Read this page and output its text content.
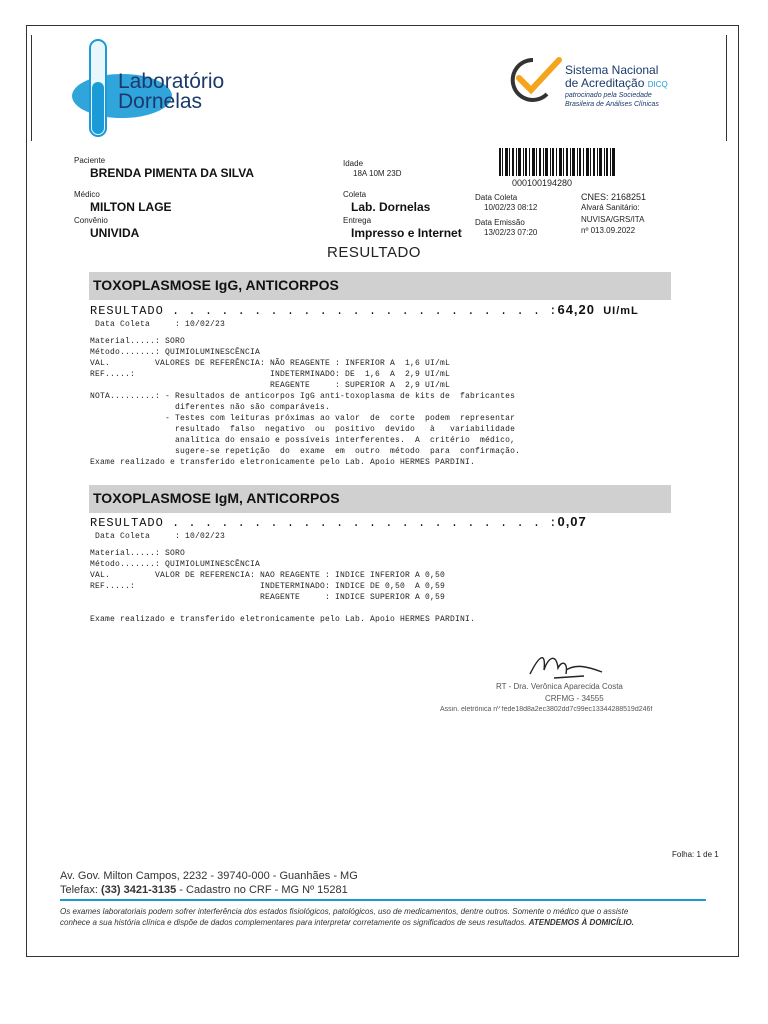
Laboratório
Dornelas
Sistema Nacional
de Acreditação DICQ
patrocinado pela Sociedade
Brasileira de Análises Clínicas
Paciente
BRENDA PIMENTA DA SILVA
Idade
18A 10M 23D
000100194280
Médico
MILTON LAGE
Coleta
Lab. Dornelas
Data Coleta
10/02/23 08:12
CNES: 2168251
Alvará Sanitário:
Convênio
UNIVIDA
Entrega
Impresso e Internet
Data Emissão
13/02/23 07:20
NUVISA/GRS/ITA
nº 013.09.2022
RESULTADO
TOXOPLASMOSE IgG, ANTICORPOS
RESULTADO . . . . . . . . . . . . . . . . . . . . . . . :64,20 UI/mL
Data Coleta     : 10/02/23
Material.....: SORO
Método.......: QUIMIOLUMINESCÊNCIA
VAL.         VALORES DE REFERÊNCIA: NÃO REAGENTE : INFERIOR A  1,6 UI/mL
REF.....:                           INDETERMINADO: DE  1,6  A  2,9 UI/mL
REAGENTE     : SUPERIOR A  2,9 UI/mL
NOTA.........: - Resultados de anticorpos IgG anti-toxoplasma de kits de  fabricantes
diferentes não são comparáveis.
- Testes com leituras próximas ao valor  de  corte  podem  representar
resultado  falso  negativo  ou  positivo  devido   à   variabilidade
analítica do ensaio e possíveis interferentes.  A  critério  médico,
sugere-se repetição  do  exame  em  outro  método  para  confirmação.
Exame realizado e transferido eletronicamente pelo Lab. Apoio HERMES PARDINI.
TOXOPLASMOSE IgM, ANTICORPOS
RESULTADO . . . . . . . . . . . . . . . . . . . . . . . :0,07
Data Coleta     : 10/02/23
Material.....: SORO
Método.......: QUIMIOLUMINESCÊNCIA
VAL.         VALOR DE REFERENCIA: NAO REAGENTE : INDICE INFERIOR A 0,50
REF.....:                         INDETERMINADO: INDICE DE 0,50  A 0,59
REAGENTE     : INDICE SUPERIOR A 0,59
Exame realizado e transferido eletronicamente pelo Lab. Apoio HERMES PARDINI.
RT - Dra. Verônica Aparecida Costa
CRFMG - 34555
Assin. eletrônica nº fede18d8a2ec3802dd7c99ec13344288519d246f
Folha: 1 de 1
Av. Gov. Milton Campos, 2232 - 39740-000 - Guanhães - MG
Telefax: (33) 3421-3135 - Cadastro no CRF - MG Nº 15281
Os exames laboratoriais podem sofrer interferência dos estados fisiológicos, patológicos, uso de medicamentos, dentre outros. Somente o médico que o assiste
conhece a sua história clínica e dispõe de dados complementares para interpretar corretamente os significados de seus resultados. ATENDEMOS À DOMICÍLIO.
